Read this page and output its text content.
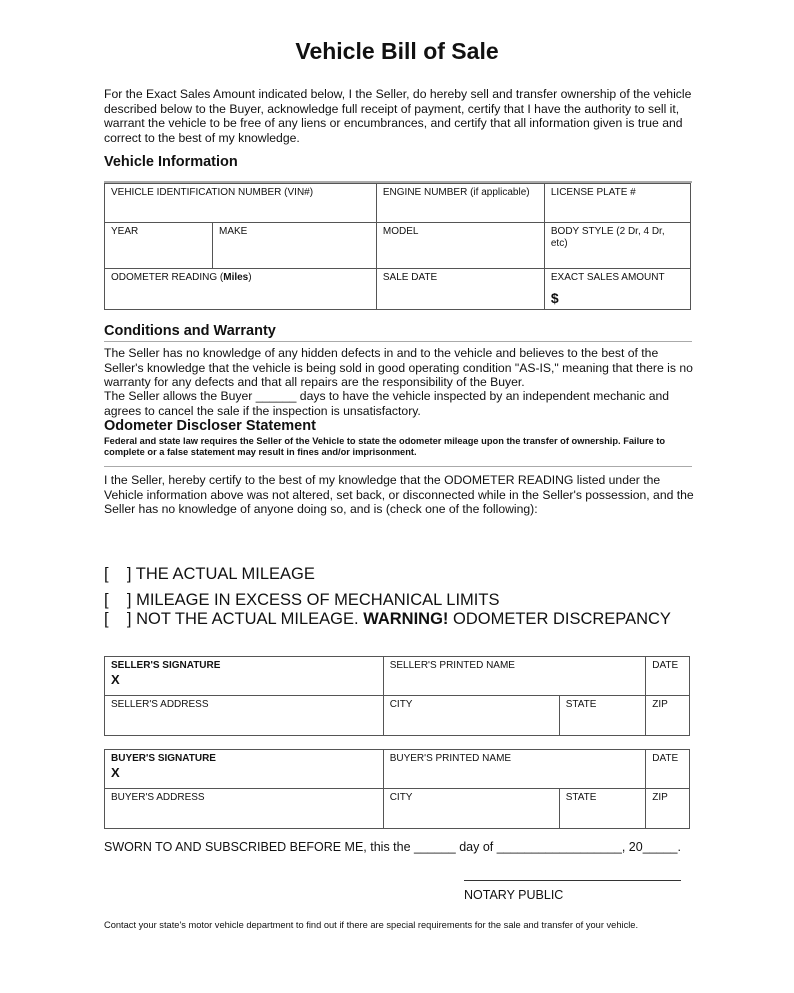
Vehicle Bill of Sale
For the Exact Sales Amount indicated below, I the Seller, do hereby sell and transfer ownership of the vehicle described below to the Buyer, acknowledge full receipt of payment, certify that I have the authority to sell it, warrant the vehicle to be free of any liens or encumbrances, and certify that all information given is true and correct to the best of my knowledge.
Vehicle Information
VEHICLE IDENTIFICATION NUMBER (VIN#)		ENGINE NUMBER (if applicable)	LICENSE PLATE #
YEAR	MAKE	MODEL	BODY STYLE (2 Dr, 4 Dr, etc)
ODOMETER READING (Miles)		SALE DATE	EXACT SALES AMOUNT
$
Conditions and Warranty
The Seller has no knowledge of any hidden defects in and to the vehicle and believes to the best of the Seller's knowledge that the vehicle is being sold in good operating condition "AS-IS," meaning that there is no warranty for any defects and that all repairs are the responsibility of the Buyer.
The Seller allows the Buyer ______ days to have the vehicle inspected by an independent mechanic and agrees to cancel the sale if the inspection is unsatisfactory.
Odometer Discloser Statement
Federal and state law requires the Seller of the Vehicle to state the odometer mileage upon the transfer of ownership. Failure to complete or a false statement may result in fines and/or imprisonment.
I the Seller, hereby certify to the best of my knowledge that the ODOMETER READING listed under the Vehicle information above was not altered, set back, or disconnected while in the Seller's possession, and the Seller has no knowledge of anyone doing so, and is (check one of the following):
[    ] THE ACTUAL MILEAGE
[    ] MILEAGE IN EXCESS OF MECHANICAL LIMITS
[    ] NOT THE ACTUAL MILEAGE. WARNING! ODOMETER DISCREPANCY
SELLER'S SIGNATURE
X	SELLER'S PRINTED NAME		DATE
SELLER'S ADDRESS	CITY	STATE	ZIP
BUYER'S SIGNATURE
X	BUYER'S PRINTED NAME		DATE
BUYER'S ADDRESS	CITY	STATE	ZIP
SWORN TO AND SUBSCRIBED BEFORE ME, this the ______ day of __________________, 20_____.
NOTARY PUBLIC
Contact your state's motor vehicle department to find out if there are special requirements for the sale and transfer of your vehicle.
